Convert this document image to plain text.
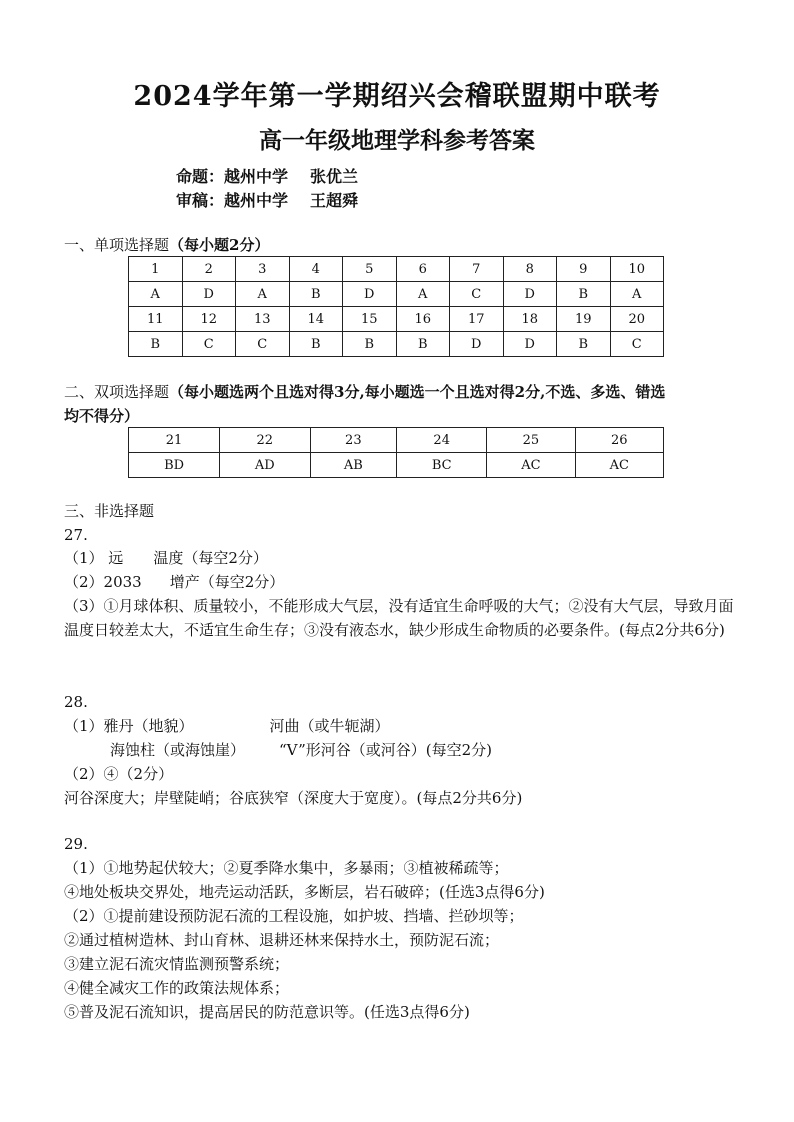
2024学年第一学期绍兴会稽联盟期中联考
高一年级地理学科参考答案
命题：越州中学 张优兰
审稿：越州中学 王超舜
一、单项选择题（每小题2分）
1	2	3	4	5	6	7	8	9	10
A	D	A	B	D	A	C	D	B	A
11	12	13	14	15	16	17	18	19	20
B	C	C	B	B	B	D	D	B	C
二、双项选择题（每小题选两个且选对得3分,每小题选一个且选对得2分,不选、多选、错选
均不得分）
21	22	23	24	25	26
BD	AD	AB	BC	AC	AC
三、非选择题
27.
（1） 远 温度（每空2分）
（2）2033 增产（每空2分）
（3）①月球体积、质量较小，不能形成大气层，没有适宜生命呼吸的大气；②没有大气层，导致月面温度日较差太大，不适宜生命生存；③没有液态水，缺少形成生命物质的必要条件。(每点2分共6分)
28.
（1）雅丹（地貌）	河曲（或牛轭湖）
海蚀柱（或海蚀崖） “V”形河谷（或河谷）(每空2分)
（2）④（2分）
河谷深度大；岸壁陡峭；谷底狭窄（深度大于宽度）。(每点2分共6分)
29.
（1）①地势起伏较大；②夏季降水集中，多暴雨；③植被稀疏等；
④地处板块交界处，地壳运动活跃，多断层，岩石破碎；(任选3点得6分)
（2）①提前建设预防泥石流的工程设施，如护坡、挡墙、拦砂坝等；
②通过植树造林、封山育林、退耕还林来保持水土，预防泥石流；
③建立泥石流灾情监测预警系统；
④健全减灾工作的政策法规体系；
⑤普及泥石流知识，提高居民的防范意识等。(任选3点得6分)
